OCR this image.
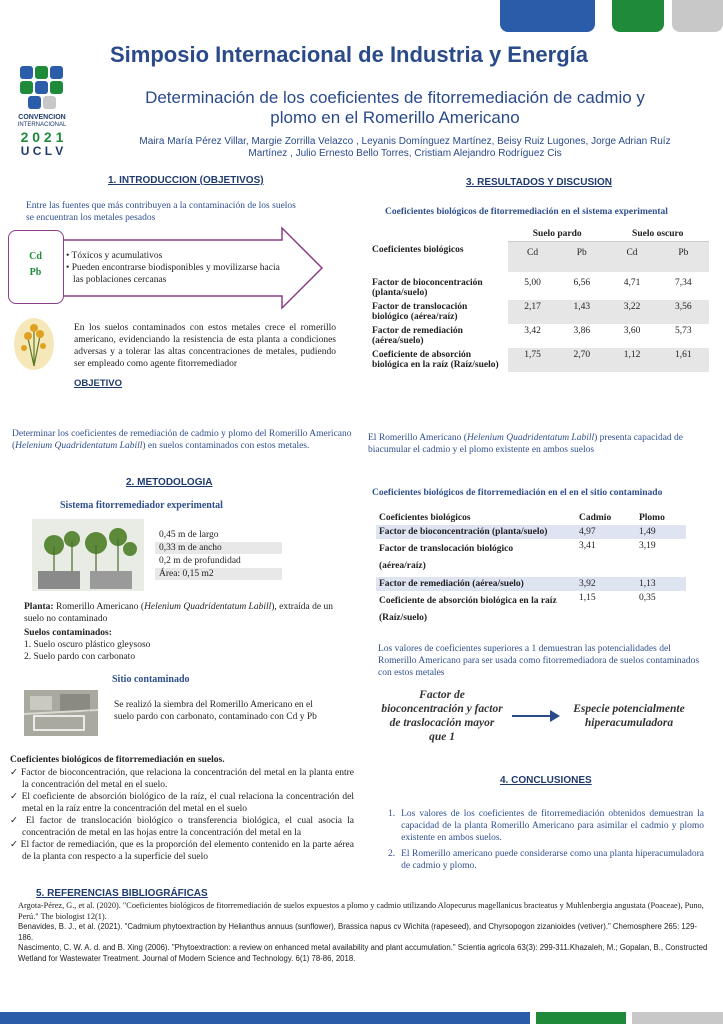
CONVENCION
INTERNACIONAL
2 0 2 1
U C L V
Simposio Internacional de Industria y Energía
Determinación de los coeficientes de fitorremediación de cadmio y
plomo en el Romerillo Americano
Maira María Pérez Villar, Margie Zorrilla Velazco , Leyanis Domínguez Martínez, Beisy Ruiz Lugones, Jorge Adrian Ruíz
Martínez , Julio Ernesto Bello Torres, Cristiam Alejandro Rodríguez Cis
1. INTRODUCCION (OBJETIVOS)
Entre las fuentes que más contribuyen a la contaminación de los suelos se encuentran los metales pesados
Cd
Pb
• Tóxicos y acumulativos
• Pueden encontrarse biodisponibles y movilizarse hacia las poblaciones cercanas
En los suelos contaminados con estos metales crece el romerillo americano, evidenciando la resistencia de esta planta a condiciones adversas y a tolerar las altas concentraciones de metales, pudiendo ser empleado como agente fitorremediador
OBJETIVO
Determinar los coeficientes de remediación de cadmio y plomo del Romerillo Americano (Helenium Quadridentatum Labill) en suelos contaminados con estos metales.
2. METODOLOGIA
Sistema fitorremediador experimental
0,45 m de largo
0,33 m de ancho
0,2 m de profundidad
Área: 0,15 m2
Planta: Romerillo Americano (Helenium Quadridentatum Labill), extraída de un suelo no contaminado
Suelos contaminados:
1. Suelo oscuro plástico gleysoso
2. Suelo pardo con carbonato
Sitio contaminado
Se realizó la siembra del Romerillo Americano en el suelo pardo con carbonato, contaminado con Cd y Pb
Coeficientes biológicos de fitorremediación en suelos.
✓ Factor de bioconcentración, que relaciona la concentración del metal en la planta entre la concentración del metal en el suelo.
✓ El coeficiente de absorción biológico de la raíz, el cual relaciona la concentración del metal en la raíz entre la concentración del metal en el suelo
✓ El factor de translocación biológico o transferencia biológica, el cual asocia la concentración de metal en las hojas entre la concentración del metal en la
✓ El factor de remediación, que es la proporción del elemento contenido en la parte aérea de la planta con respecto a la superficie del suelo
3. RESULTADOS Y DISCUSION
Coeficientes biológicos de fitorremediación en el sistema experimental
Coeficientes biológicos	Suelo pardo		Suelo oscuro	
	Cd	Pb	Cd	Pb
Factor de bioconcentración (planta/suelo)	5,00	6,56	4,71	7,34
Factor de translocación biológico (aérea/raíz)	2,17	1,43	3,22	3,56
Factor de remediación (aérea/suelo)	3,42	3,86	3,60	5,73
Coeficiente de absorción biológica en la raíz (Raíz/suelo)	1,75	2,70	1,12	1,61
El Romerillo Americano (Helenium Quadridentatum Labill) presenta capacidad de biacumular el cadmio y el plomo existente en ambos suelos
Coeficientes biológicos de fitorremediación en el en el sitio contaminado
Coeficientes biológicos	Cadmio	Plomo
Factor de bioconcentración (planta/suelo)	4,97	1,49
Factor de translocación biológico
(aérea/raíz)	3,41	3,19
Factor de remediación (aérea/suelo)	3,92	1,13
Coeficiente de absorción biológica en la raíz
(Raíz/suelo)	1,15	0,35
Los valores de coeficientes superiores a 1 demuestran las potencialidades del Romerillo Americano para ser usada como fitorremediadora de suelos contaminados con estos metales
Factor de bioconcentración y factor de traslocación mayor que 1
Especie potencialmente hiperacumuladora
4. CONCLUSIONES
1. Los valores de los coeficientes de fitorremediación obtenidos demuestran la capacidad de la planta Romerillo Americano para asimilar el cadmio y plomo existente en ambos suelos.
2. El Romerillo americano puede considerarse como una planta hiperacumuladora de cadmio y plomo.
5. REFERENCIAS BIBLIOGRÁFICAS
Argota-Pérez, G., et al. (2020). "Coeficientes biológicos de fitorremediación de suelos expuestos a plomo y cadmio utilizando Alopecurus magellanicus bracteatus y Muhlenbergia angustata (Poaceae), Puno, Perú." The biologist 12(1).
Benavides, B. J., et al. (2021). "Cadmium phytoextraction by Helianthus annuus (sunflower), Brassica napus cv Wichita (rapeseed), and Chyrsopogon zizanioides (vetiver)." Chemosphere 265: 129-186.
Nascimento, C. W. A. d. and B. Xing (2006). "Phytoextraction: a review on enhanced metal availability and plant accumulation." Scientia agricola 63(3): 299-311.Khazaleh, M.; Gopalan, B., Constructed Wetland for Wastewater Treatment. Journal of Modern Science and Technology. 6(1) 78-86, 2018.
